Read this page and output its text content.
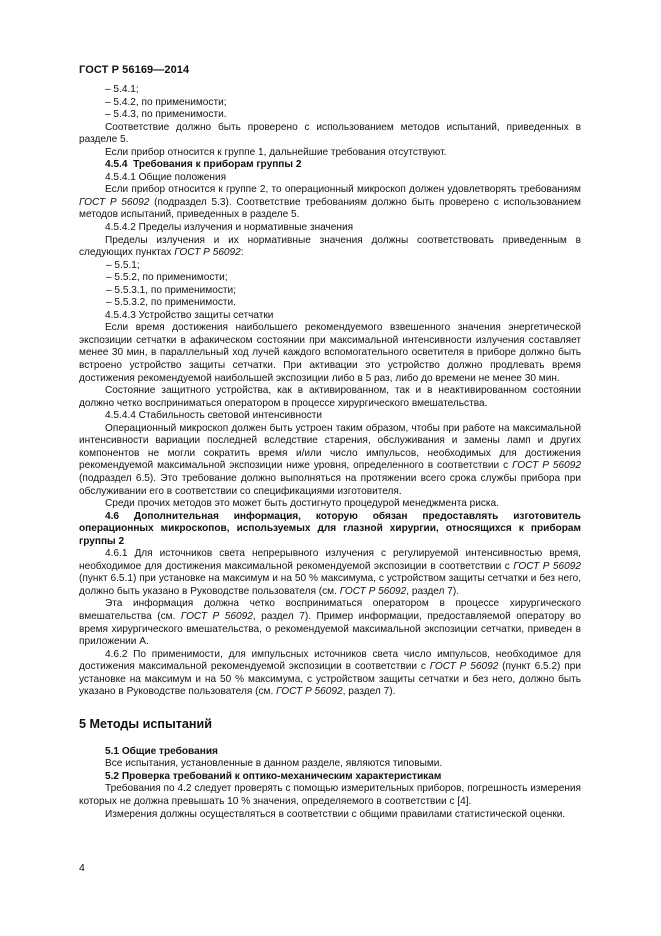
ГОСТ Р 56169—2014
– 5.4.1;
– 5.4.2, по применимости;
– 5.4.3, по применимости.

Соответствие должно быть проверено с использованием методов испытаний, приведенных в разделе 5.

Если прибор относится к группе 1, дальнейшие требования отсутствуют.

4.5.4 Требования к приборам группы 2

4.5.4.1 Общие положения

Если прибор относится к группе 2, то операционный микроскоп должен удовлетворять требованиям ГОСТ Р 56092 (подраздел 5.3). Соответствие требованиям должно быть проверено с использованием методов испытаний, приведенных в разделе 5.

4.5.4.2 Пределы излучения и нормативные значения

Пределы излучения и их нормативные значения должны соответствовать приведенным в следующих пунктах ГОСТ Р 56092:

– 5.5.1;
– 5.5.2, по применимости;
– 5.5.3.1, по применимости;
– 5.5.3.2, по применимости.

4.5.4.3 Устройство защиты сетчатки

Если время достижения наибольшего рекомендуемого взвешенного значения энергетической экспозиции сетчатки в афакическом состоянии при максимальной интенсивности излучения составляет менее 30 мин, в параллельный ход лучей каждого вспомогательного осветителя в приборе должно быть встроено устройство защиты сетчатки. При активации это устройство должно продлевать время достижения рекомендуемой наибольшей экспозиции либо в 5 раз, либо до времени не менее 30 мин.

Состояние защитного устройства, как в активированном, так и в неактивированном состоянии должно четко восприниматься оператором в процессе хирургического вмешательства.

4.5.4.4 Стабильность световой интенсивности

Операционный микроскоп должен быть устроен таким образом, чтобы при работе на максимальной интенсивности вариации последней вследствие старения, обслуживания и замены ламп и других компонентов не могли сократить время и/или число импульсов, необходимых для достижения рекомендуемой максимальной экспозиции ниже уровня, определенного в соответствии с ГОСТ Р 56092 (подраздел 6.5). Это требование должно выполняться на протяжении всего срока службы прибора при обслуживании его в соответствии со спецификациями изготовителя.

Среди прочих методов это может быть достигнуто процедурой менеджмента риска.

4.6 Дополнительная информация, которую обязан предоставлять изготовитель операционных микроскопов, используемых для глазной хирургии, относящихся к приборам группы 2

4.6.1 Для источников света непрерывного излучения с регулируемой интенсивностью время, необходимое для достижения максимальной рекомендуемой экспозиции в соответствии с ГОСТ Р 56092 (пункт 6.5.1) при установке на максимум и на 50 % максимума, с устройством защиты сетчатки и без него, должно быть указано в Руководстве пользователя (см. ГОСТ Р 56092, раздел 7).

Эта информация должна четко восприниматься оператором в процессе хирургического вмешательства (см. ГОСТ Р 56092, раздел 7). Пример информации, предоставляемой оператору во время хирургического вмешательства, о рекомендуемой максимальной экспозиции сетчатки, приведен в приложении А.

4.6.2 По применимости, для импульсных источников света число импульсов, необходимое для достижения максимальной рекомендуемой экспозиции в соответствии с ГОСТ Р 56092 (пункт 6.5.2) при установке на максимум и на 50 % максимума, с устройством защиты сетчатки и без него, должно быть указано в Руководстве пользователя (см. ГОСТ Р 56092, раздел 7).

5 Методы испытаний

5.1 Общие требования

Все испытания, установленные в данном разделе, являются типовыми.

5.2 Проверка требований к оптико-механическим характеристикам

Требования по 4.2 следует проверять с помощью измерительных приборов, погрешность измерения которых не должна превышать 10 % значения, определяемого в соответствии с [4].

Измерения должны осуществляться в соответствии с общими правилами статистической оценки.

4
